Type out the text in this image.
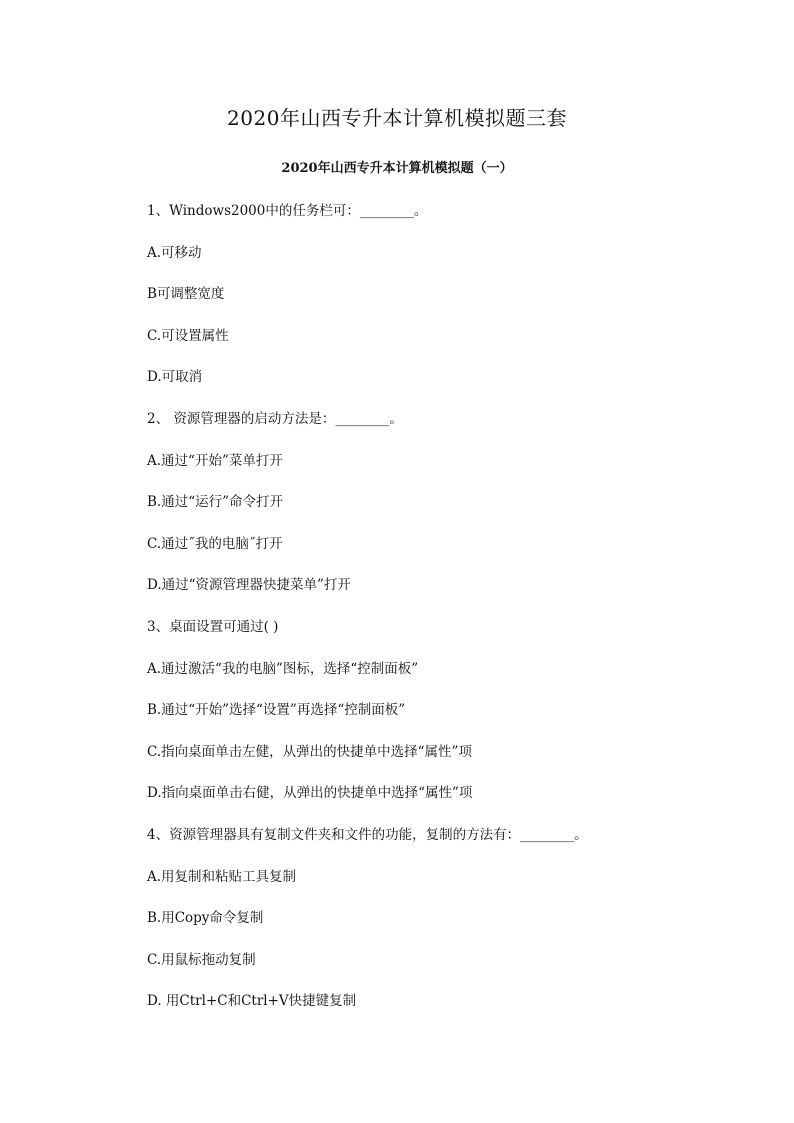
2020年山西专升本计算机模拟题三套
2020年山西专升本计算机模拟题（一）
1、Windows2000中的任务栏可：________。
A.可移动
B可调整宽度
C.可设置属性
D.可取消
2、 资源管理器的启动方法是：________。
A.通过“开始”菜单打开
B.通过“运行”命令打开
C.通过˝我的电脑˝打开
D.通过“资源管理器快捷菜单”打开
3、桌面设置可通过( )
A.通过激活“我的电脑”图标，选择“控制面板”
B.通过“开始”选择“设置”再选择“控制面板”
C.指向桌面单击左健，从弹出的快捷单中选择“属性”项
D.指向桌面单击右健，从弹出的快捷单中选择“属性”项
4、资源管理器具有复制文件夹和文件的功能，复制的方法有：________。
A.用复制和粘贴工具复制
B.用Copy命令复制
C.用鼠标拖动复制
D. 用Ctrl+C和Ctrl+V快捷键复制
